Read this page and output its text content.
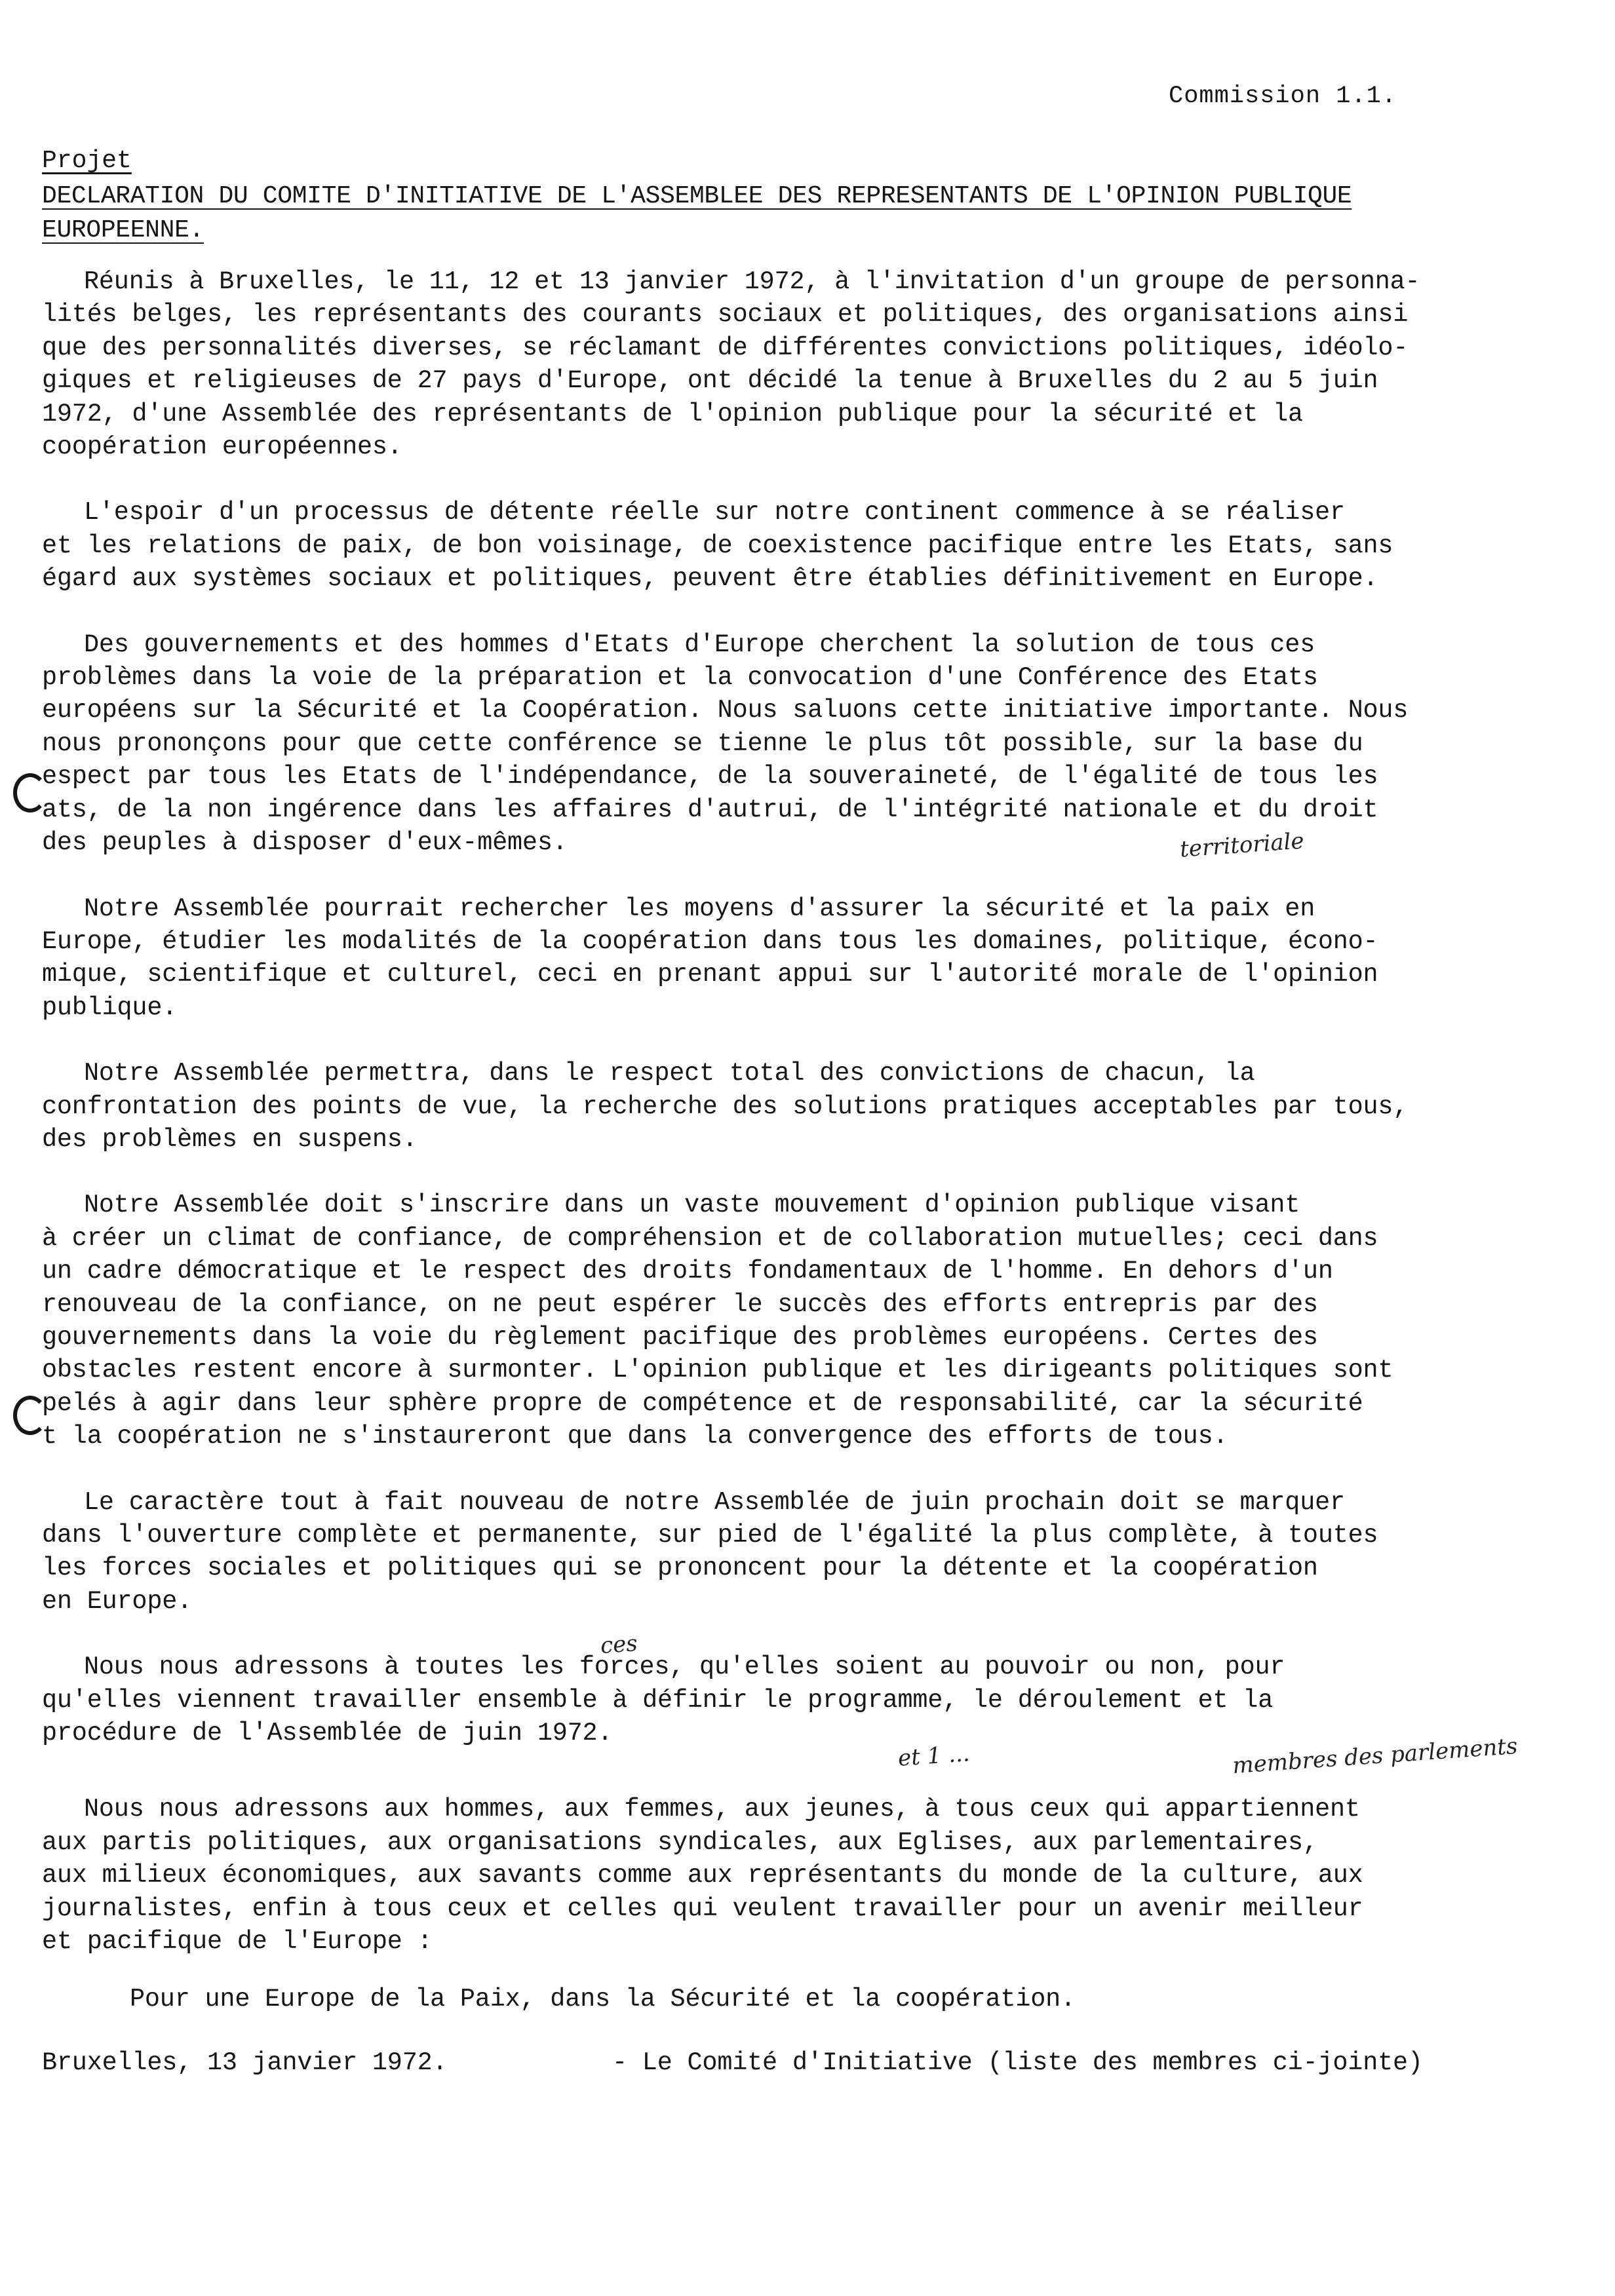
Commission 1.1.

Projet

DECLARATION DU COMITE D'INITIATIVE DE L'ASSEMBLEE DES REPRESENTANTS DE L'OPINION PUBLIQUE EUROPEENNE.

Réunis à Bruxelles, le 11, 12 et 13 janvier 1972, à l'invitation d'un groupe de personna-
lités belges, les représentants des courants sociaux et politiques, des organisations ainsi
que des personnalités diverses, se réclamant de différentes convictions politiques, idéolo-
giques et religieuses de 27 pays d'Europe, ont décidé la tenue à Bruxelles du 2 au 5 juin
1972, d'une Assemblée des représentants de l'opinion publique pour la sécurité et la
coopération européennes.

L'espoir d'un processus de détente réelle sur notre continent commence à se réaliser
et les relations de paix, de bon voisinage, de coexistence pacifique entre les Etats, sans
égard aux systèmes sociaux et politiques, peuvent être établies définitivement en Europe.

Des gouvernements et des hommes d'Etats d'Europe cherchent la solution de tous ces
problèmes dans la voie de la préparation et la convocation d'une Conférence des Etats
européens sur la Sécurité et la Coopération. Nous saluons cette initiative importante. Nous
nous prononçons pour que cette conférence se tienne le plus tôt possible, sur la base du
espect par tous les Etats de l'indépendance, de la souveraineté, de l'égalité de tous les
ats, de la non ingérence dans les affaires d'autrui, de l'intégrité nationale et du droit
des peuples à disposer d'eux-mêmes.

Notre Assemblée pourrait rechercher les moyens d'assurer la sécurité et la paix en
Europe, étudier les modalités de la coopération dans tous les domaines, politique, écono-
mique, scientifique et culturel, ceci en prenant appui sur l'autorité morale de l'opinion
publique.

Notre Assemblée permettra, dans le respect total des convictions de chacun, la
confrontation des points de vue, la recherche des solutions pratiques acceptables par tous,
des problèmes en suspens.

Notre Assemblée doit s'inscrire dans un vaste mouvement d'opinion publique visant
à créer un climat de confiance, de compréhension et de collaboration mutuelles; ceci dans
un cadre démocratique et le respect des droits fondamentaux de l'homme. En dehors d'un
renouveau de la confiance, on ne peut espérer le succès des efforts entrepris par des
gouvernements dans la voie du règlement pacifique des problèmes européens. Certes des
obstacles restent encore à surmonter. L'opinion publique et les dirigeants politiques sont
pelés à agir dans leur sphère propre de compétence et de responsabilité, car la sécurité
t la coopération ne s'instaureront que dans la convergence des efforts de tous.

Le caractère tout à fait nouveau de notre Assemblée de juin prochain doit se marquer
dans l'ouverture complète et permanente, sur pied de l'égalité la plus complète, à toutes
les forces sociales et politiques qui se prononcent pour la détente et la coopération
en Europe.

Nous nous adressons à toutes les forces, qu'elles soient au pouvoir ou non, pour
qu'elles viennent travailler ensemble à définir le programme, le déroulement et la
procédure de l'Assemblée de juin 1972.

Nous nous adressons aux hommes, aux femmes, aux jeunes, à tous ceux qui appartiennent
aux partis politiques, aux organisations syndicales, aux Eglises, aux parlementaires,
aux milieux économiques, aux savants comme aux représentants du monde de la culture, aux
journalistes, enfin à tous ceux et celles qui veulent travailler pour un avenir meilleur
et pacifique de l'Europe :

Pour une Europe de la Paix, dans la Sécurité et la coopération.

Bruxelles, 13 janvier 1972.	- Le Comité d'Initiative (liste des membres ci-jointe)
territoriale
ces
et 1 ...	membres des parlements
